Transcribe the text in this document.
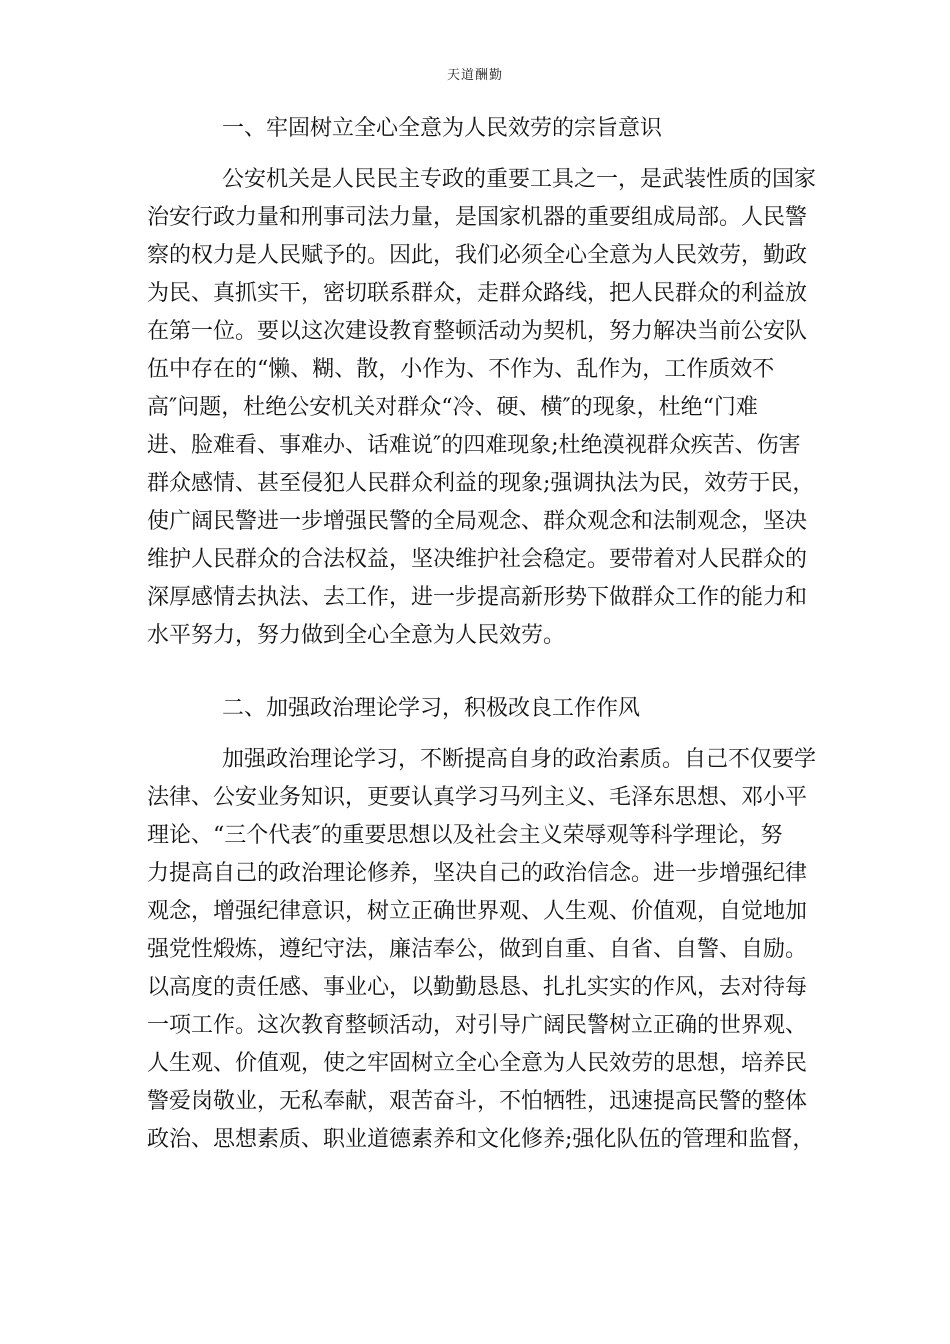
天道酬勤
一、牢固树立全心全意为人民效劳的宗旨意识
公安机关是人民民主专政的重要工具之一，是武装性质的国家
治安行政力量和刑事司法力量，是国家机器的重要组成局部。人民警
察的权力是人民赋予的。因此，我们必须全心全意为人民效劳，勤政
为民、真抓实干，密切联系群众，走群众路线，把人民群众的利益放
在第一位。要以这次建设教育整顿活动为契机，努力解决当前公安队
伍中存在的“懒、糊、散，小作为、不作为、乱作为，工作质效不
高″问题，杜绝公安机关对群众“冷、硬、横″的现象，杜绝“门难
进、脸难看、事难办、话难说″的四难现象;杜绝漠视群众疾苦、伤害
群众感情、甚至侵犯人民群众利益的现象;强调执法为民，效劳于民，
使广阔民警进一步增强民警的全局观念、群众观念和法制观念，坚决
维护人民群众的合法权益，坚决维护社会稳定。要带着对人民群众的
深厚感情去执法、去工作，进一步提高新形势下做群众工作的能力和
水平努力，努力做到全心全意为人民效劳。
二、加强政治理论学习，积极改良工作作风
加强政治理论学习，不断提高自身的政治素质。自己不仅要学
法律、公安业务知识，更要认真学习马列主义、毛泽东思想、邓小平
理论、“三个代表″的重要思想以及社会主义荣辱观等科学理论，努
力提高自己的政治理论修养，坚决自己的政治信念。进一步增强纪律
观念，增强纪律意识，树立正确世界观、人生观、价值观，自觉地加
强党性煅炼，遵纪守法，廉洁奉公，做到自重、自省、自警、自励。
以高度的责任感、事业心，以勤勤恳恳、扎扎实实的作风，去对待每
一项工作。这次教育整顿活动，对引导广阔民警树立正确的世界观、
人生观、价值观，使之牢固树立全心全意为人民效劳的思想，培养民
警爱岗敬业，无私奉献，艰苦奋斗，不怕牺牲，迅速提高民警的整体
政治、思想素质、职业道德素养和文化修养;强化队伍的管理和监督，
